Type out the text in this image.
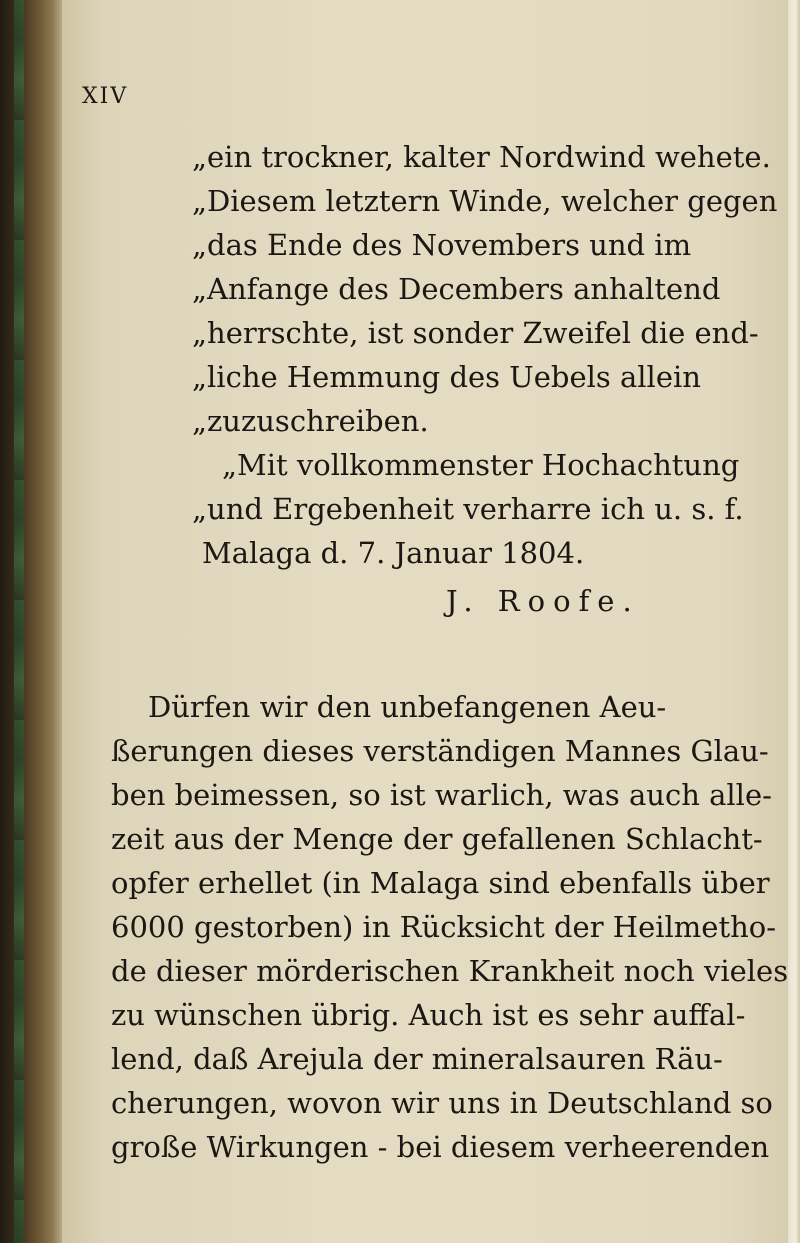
XIV
„ein trockner, kalter Nordwind wehete.
„Diesem letztern Winde, welcher gegen
„das Ende des Novembers und im
„Anfange des Decembers anhaltend
„herrschte, ist sonder Zweifel die end-
„liche Hemmung des Uebels allein
„zuzuschreiben.
„Mit vollkommenster Hochachtung
„und Ergebenheit verharre ich u. s. f.
Malaga d. 7. Januar 1804.
J. Roofe.
Dürfen wir den unbefangenen Aeu-
ßerungen dieses verständigen Mannes Glau-
ben beimessen, so ist warlich, was auch alle-
zeit aus der Menge der gefallenen Schlacht-
opfer erhellet (in Malaga sind ebenfalls über
6000 gestorben) in Rücksicht der Heilmetho-
de dieser mörderischen Krankheit noch vieles
zu wünschen übrig. Auch ist es sehr auffal-
lend, daß Arejula der mineralsauren Räu-
cherungen, wovon wir uns in Deutschland so
große Wirkungen - bei diesem verheerenden
